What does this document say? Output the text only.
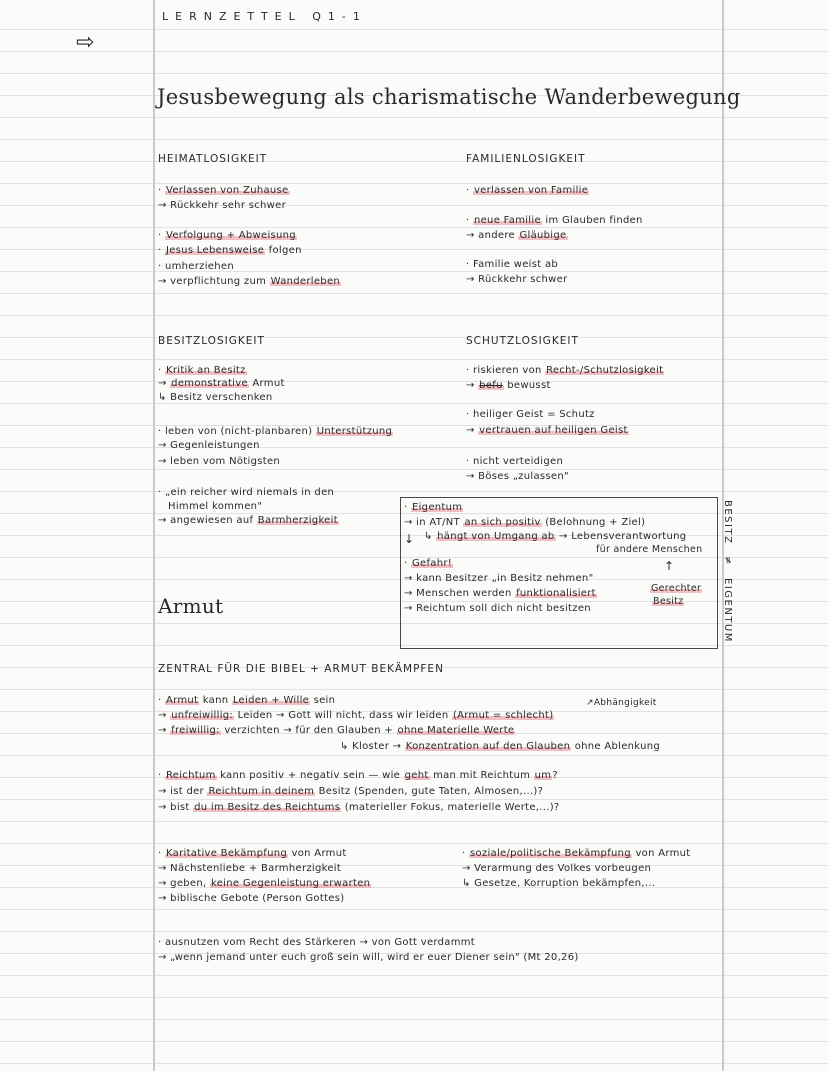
⇨
LERNZETTEL Q1-1
Jesusbewegung als charismatische Wanderbewegung
HEIMATLOSIGKEIT
· Verlassen von Zuhause
→ Rückkehr sehr schwer
· Verfolgung + Abweisung
· Jesus Lebensweise folgen
· umherziehen
→ verpflichtung zum Wanderleben
FAMILIENLOSIGKEIT
· verlassen von Familie
· neue Familie im Glauben finden
→ andere Gläubige
· Familie weist ab
→ Rückkehr schwer
BESITZLOSIGKEIT
· Kritik an Besitz
→ demonstrative Armut
↳ Besitz verschenken
· leben von (nicht-planbaren) Unterstützung
→ Gegenleistungen
→ leben vom Nötigsten
· „ein reicher wird niemals in den
Himmel kommen"
→ angewiesen auf Barmherzigkeit
SCHUTZLOSIGKEIT
· riskieren von Recht-/Schutzlosigkeit
→ befu bewusst
· heiliger Geist = Schutz
→ vertrauen auf heiligen Geist
· nicht verteidigen
→ Böses „zulassen"
· Eigentum
→ in AT/NT an sich positiv (Belohnung + Ziel)
↓ ↳ hängt von Umgang ab → Lebensverantwortung
für andere Menschen
· Gefahr!	↑
→ kann Besitzer „in Besitz nehmen"
→ Menschen werden funktionalisiert
→ Reichtum soll dich nicht besitzen
Gerechter
Besitz
BESITZ
≠
EIGENTUM
Armut
ZENTRAL FÜR DIE BIBEL + ARMUT BEKÄMPFEN
· Armut kann Leiden + Wille sein	↗Abhängigkeit
→ unfreiwillig: Leiden → Gott will nicht, dass wir leiden (Armut = schlecht)
→ freiwillig: verzichten → für den Glauben + ohne Materielle Werte
↳ Kloster → Konzentration auf den Glauben ohne Ablenkung
· Reichtum kann positiv + negativ sein — wie geht man mit Reichtum um?
→ ist der Reichtum in deinem Besitz (Spenden, gute Taten, Almosen,...)?
→ bist du im Besitz des Reichtums (materieller Fokus, materielle Werte,...)?
· Karitative Bekämpfung von Armut
→ Nächstenliebe + Barmherzigkeit
→ geben, keine Gegenleistung erwarten
→ biblische Gebote (Person Gottes)
· soziale/politische Bekämpfung von Armut
→ Verarmung des Volkes vorbeugen
↳ Gesetze, Korruption bekämpfen,...
· ausnutzen vom Recht des Stärkeren → von Gott verdammt
→ „wenn jemand unter euch groß sein will, wird er euer Diener sein" (Mt 20,26)
